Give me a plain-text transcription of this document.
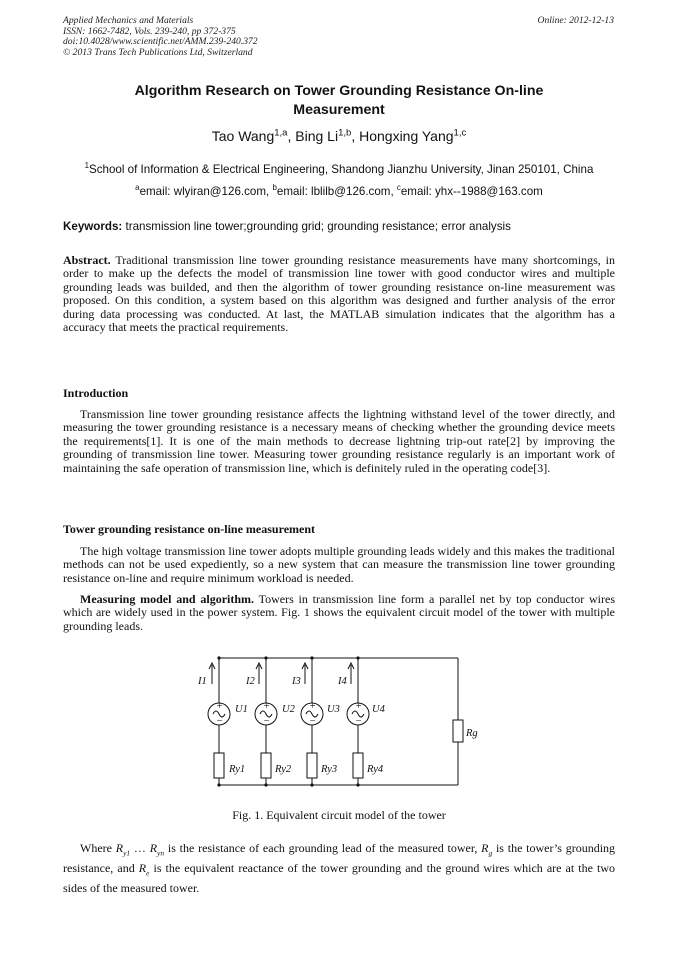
Applied Mechanics and Materials
ISSN: 1662-7482, Vols. 239-240, pp 372-375
doi:10.4028/www.scientific.net/AMM.239-240.372
© 2013 Trans Tech Publications Ltd, Switzerland
Online: 2012-12-13
Algorithm Research on Tower Grounding Resistance On-line
Measurement
Tao Wang$^{1,a}$, Bing Li$^{1,b}$, Hongxing Yang$^{1,c}$
$^1$School of Information & Electrical Engineering, Shandong Jianzhu University, Jinan 250101, China
$^a$email: wlyiran@126.com, $^b$email: lblilb@126.com, $^c$email: yhx--1988@163.com
Keywords: transmission line tower;grounding grid; grounding resistance; error analysis
Abstract. Traditional transmission line tower grounding resistance measurements have many shortcomings, in order to make up the defects the model of transmission line tower with good conductor wires and multiple grounding leads was builded, and then the algorithm of tower grounding resistance on-line measurement was proposed. On this condition, a system based on this algorithm was designed and further analysis of the error during data processing was conducted. At last, the MATLAB simulation indicates that the algorithm has a accuracy that meets the practical requirements.
Introduction
Transmission line tower grounding resistance affects the lightning withstand level of the tower directly, and measuring the tower grounding resistance is a necessary means of checking whether the grounding device meets the requirements[1]. It is one of the main methods to decrease lightning trip-out rate[2] by improving the grounding of transmission line tower. Measuring tower grounding resistance regularly is an important work of maintaining the safe operation of transmission line, which is definitely ruled in the operating code[3].
Tower grounding resistance on-line measurement
The high voltage transmission line tower adopts multiple grounding leads widely and this makes the traditional methods can not be used expediently, so a new system that can measure the transmission line tower grounding resistance on-line and require minimum workload is needed.
Measuring model and algorithm. Towers in transmission line form a parallel net by top conductor wires which are widely used in the power system. Fig. 1 shows the equivalent circuit model of the tower with multiple grounding leads.
+
−
+
−
+
−
+
−
Rg
I1	I2	I3	I4
U1	U2	U3	U4
Ry1	Ry2	Ry3	Ry4
Fig. 1. Equivalent circuit model of the tower
Where $R_{y1}$ … $R_{yn}$ is the resistance of each grounding lead of the measured tower, $R_g$ is the tower’s grounding resistance, and $R_e$ is the equivalent reactance of the tower grounding and the ground wires which are at the two sides of the measured tower.
